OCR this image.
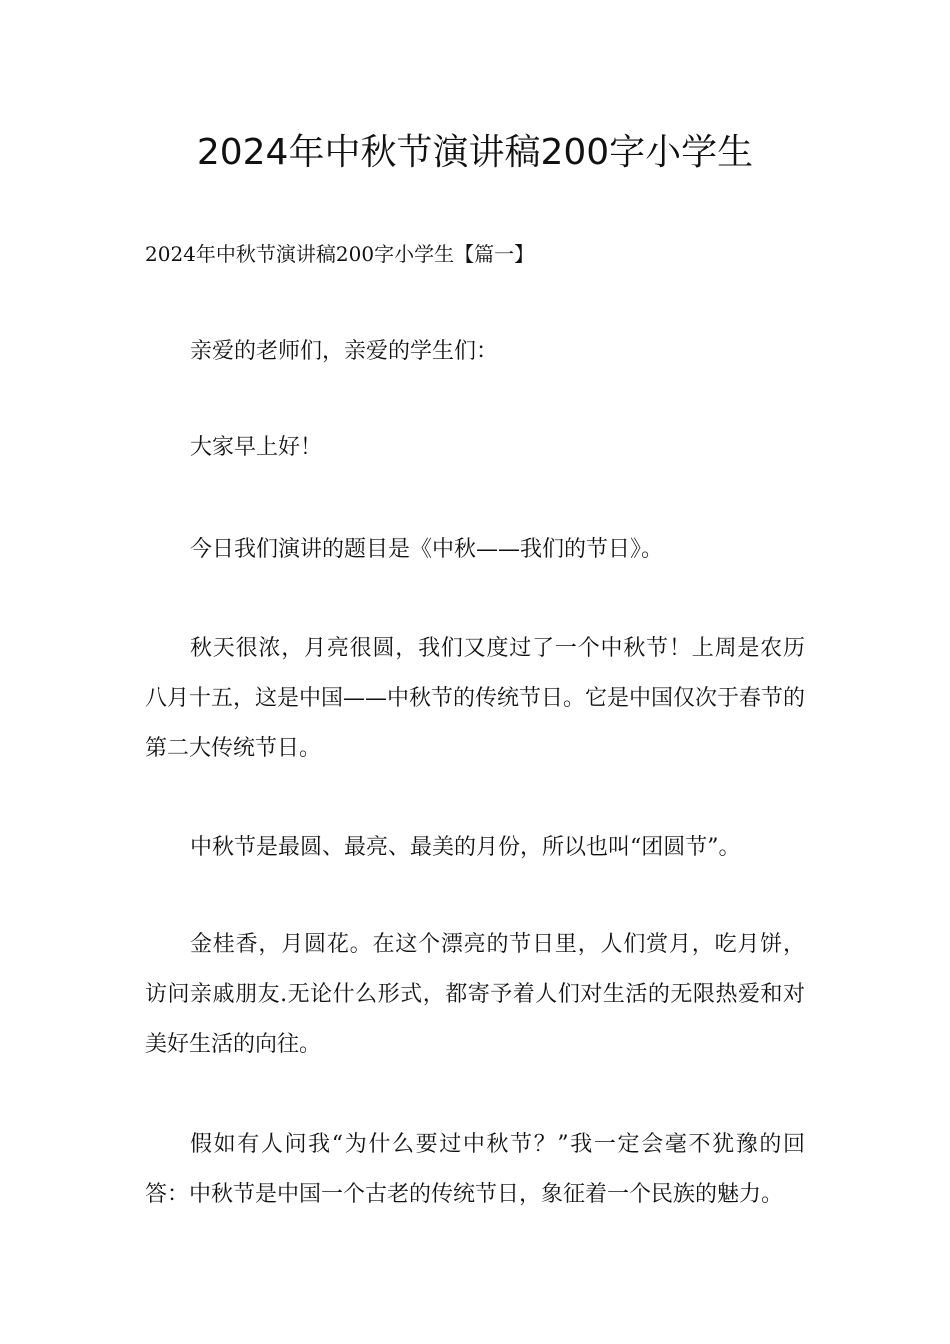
2024年中秋节演讲稿200字小学生

2024年中秋节演讲稿200字小学生【篇一】

亲爱的老师们，亲爱的学生们：

大家早上好！

今日我们演讲的题目是《中秋——我们的节日》。

秋天很浓，月亮很圆，我们又度过了一个中秋节！上周是农历八月十五，这是中国——中秋节的传统节日。它是中国仅次于春节的第二大传统节日。

中秋节是最圆、最亮、最美的月份，所以也叫“团圆节”。

金桂香，月圆花。在这个漂亮的节日里，人们赏月，吃月饼，访问亲戚朋友.无论什么形式，都寄予着人们对生活的无限热爱和对美好生活的向往。

假如有人问我“为什么要过中秋节？”我一定会毫不犹豫的回答：中秋节是中国一个古老的传统节日，象征着一个民族的魅力。
